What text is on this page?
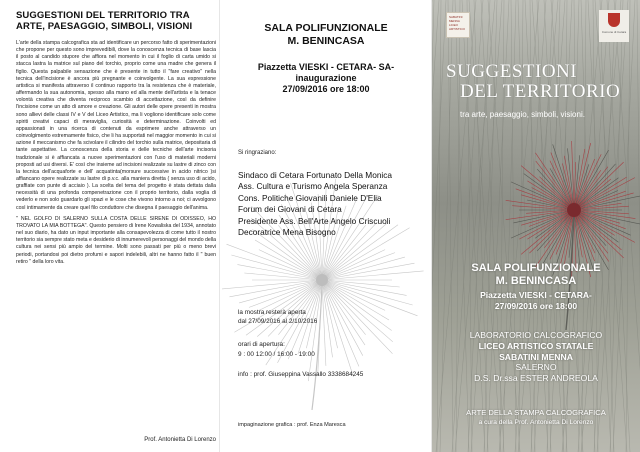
SUGGESTIONI DEL TERRITORIO TRA
ARTE, PAESAGGIO, SIMBOLI, VISIONI

L'arte della stampa calcografica sta ad identificare un percorso fatto di sperimentazioni che propone per questo sono imprevedibili, dove la conoscenza tecnica di base lascia il posto al candido stupore che affiora nel momento in cui il foglio di carta umido si stacca lastra la matrice sul piano del torchio, proprio come una madre che genera il figlio. Questa palpabile sensazione che è presente in tutto il "fare creativo" nella tecnica dell'incisione è ancora più pregnante e coinvolgente. La sua espressione artistica si manifesta attraverso il continuo rapporto tra la resistenza che è materiale, affermando la sua autonomia, spesso alla mano ed alla mente dell'artista e la tenace volontà creativa che diventa reciproco scambio di accettazione, così da definire l'incisione come un atto di amore e creazione. Gli autori delle opere presenti in mostra sono allievi delle classi IV e V del Liceo Artistico, ma li vogliono identificare solo come spiriti creativi capaci di meraviglia, curiosità e determinazione. Coinvolti ed appassionati in una ricerca di contenuti da esprimere anche attraverso un coinvolgimento estremamente fisico, che li ha supportati nel maggior momento in cui si azione il meccanismo che fa scivolare il cilindro del torchio sulla matrice, depositaria di tante aspettative. La conoscenza della storia e delle tecniche dell'arte incisoria tradizionale si è affiancata a nuove sperimentazioni con l'uso di materiali moderni proposti ad usi diversi. E' così che insieme ad incisioni realizzate su lastre di zinco con la tecnica dell'acquaforte e dell' acquatinta(morsure successive in acido nitrico )si affiancano opere realizzate su lastre di p.v.c. alla maniera diretta ( senza uso di acido, graffiate con punte di acciaio ). La scelta del tema del progetto è stata dettata dalla necessità di una profonda compenetrazione con il proprio territorio, dalla voglia di vederlo e non solo guardarlo gli spazi e le cose che vivono intorno a noi; ci avvolgono così intimamente da creare quel filo conduttore che disegna il paesaggio dell'anima.

" NEL GOLFO DI SALERNO SULLA COSTA DELLE SIRENE DI ODISSEO, HO TROVATO LA MIA BOTTEGA". Questo pensiero di Irene Kowaliska del 1934, annotato nel suo diario, ha dato un input importante alla consapevolezza di come tutto il nostro territorio sia sempre stato meta e desiderio di innumerevoli personaggi del mondo della cultura nei sensi più ampio del termine. Molti sono passati per più o meno brevi periodi, portandosi poi dietro profumi e sapori indelebili, altri ne hanno fatto il " buen retiro " della loro vita.

Prof. Antonietta Di Lorenzo
SALA POLIFUNZIONALE
M. BENINCASA
Piazzetta VIESKI - CETARA- SA-
inaugurazione
27/09/2016 ore 18:00
Si ringraziano:
Sindaco di Cetara Fortunato Della Monica
Ass. Cultura e Turismo Angela Speranza
Cons. Politiche Giovanili Daniele D'Elia
Forum dei Giovani di Cetara
Presidente Ass. Bell'Arte Angelo Criscuoli
Decoratrice Mena Bisogno
la mostra resterà aperta
dal 27/09/2016 al 2/10/2016
orari di apertura:
9 : 00 12:00 / 16:00 - 19:00
info : prof. Giuseppina Vassallo 3338684245
impaginazione grafica : prof. Enza Maresca
SABATINI
MENNA
LICEO
ARTISTICO
Comune di Cetara
SUGGESTIONI
DEL TERRITORIO
tra arte, paesaggio, simboli, visioni.
SALA POLIFUNZIONALE
M. BENINCASA
Piazzetta VIESKI - CETARA-
27/09/2016 ore 18:00
LABORATORIO CALCOGRAFICO
LICEO ARTISTICO STATALE
SABATINI MENNA
SALERNO
D.S. Dr.ssa ESTER ANDREOLA
ARTE DELLA STAMPA CALCOGRAFICA
a cura della Prof. Antonietta Di Lorenzo
